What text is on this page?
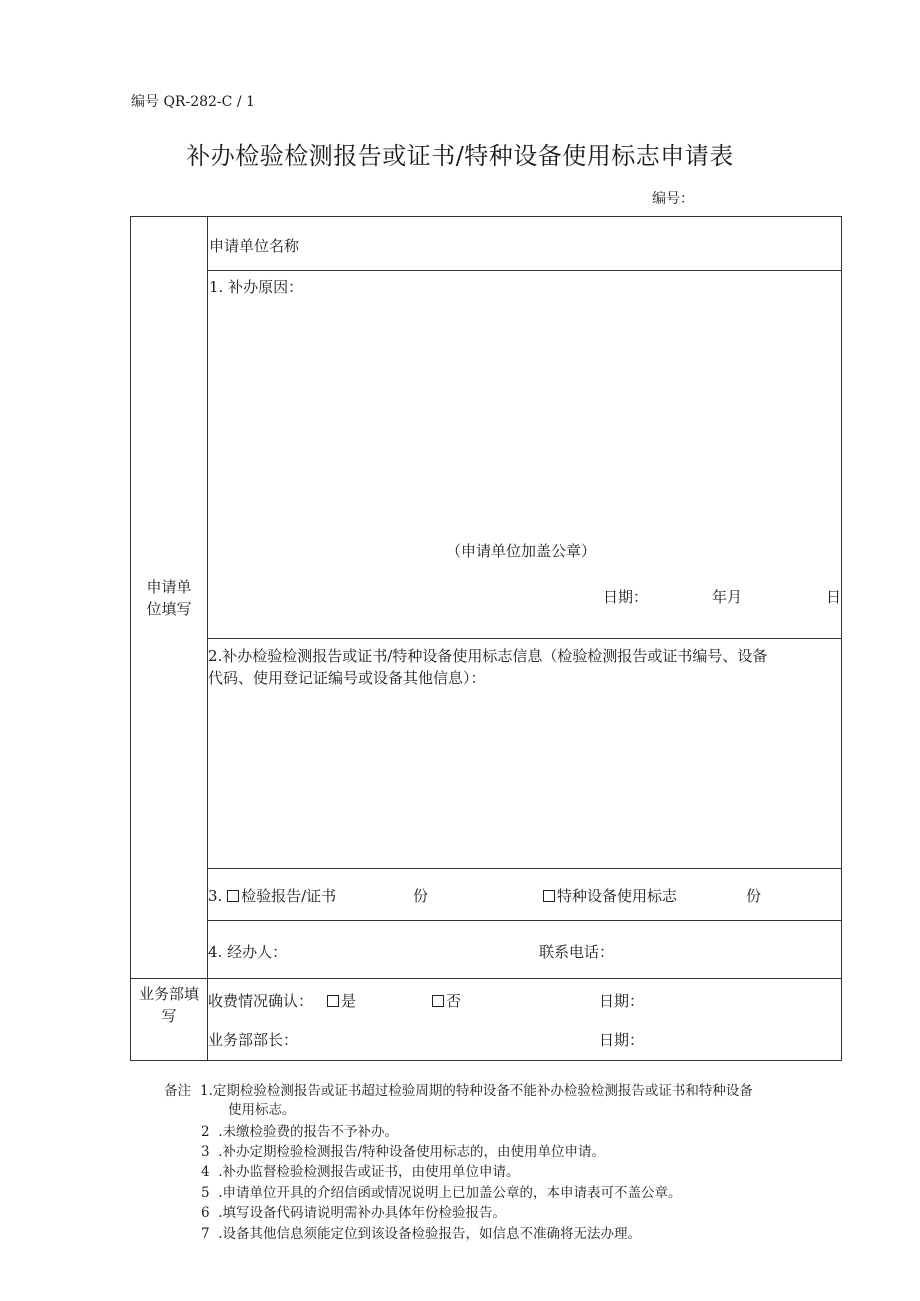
编号 QR-282-C / 1
补办检验检测报告或证书/特种设备使用标志申请表
编号：
申请单
位填写
业务部填
写
申请单位名称
1. 补办原因：
（申请单位加盖公章）
日期：	年月	日
2.补办检验检测报告或证书/特种设备使用标志信息（检验检测报告或证书编号、设备
代码、使用登记证编号或设备其他信息）：
3. 检验报告/证书	份	特种设备使用标志	份
4. 经办人：	联系电话：
收费情况确认：	是	否	日期：
业务部部长：	日期：
备注 1.定期检验检测报告或证书超过检验周期的特种设备不能补办检验检测报告或证书和特种设备
使用标志。
2 .未缴检验费的报告不予补办。
3 .补办定期检验检测报告/特种设备使用标志的，由使用单位申请。
4 .补办监督检验检测报告或证书，由使用单位申请。
5 .申请单位开具的介绍信函或情况说明上已加盖公章的，本申请表可不盖公章。
6 .填写设备代码请说明需补办具体年份检验报告。
7 .设备其他信息须能定位到该设备检验报告，如信息不准确将无法办理。
